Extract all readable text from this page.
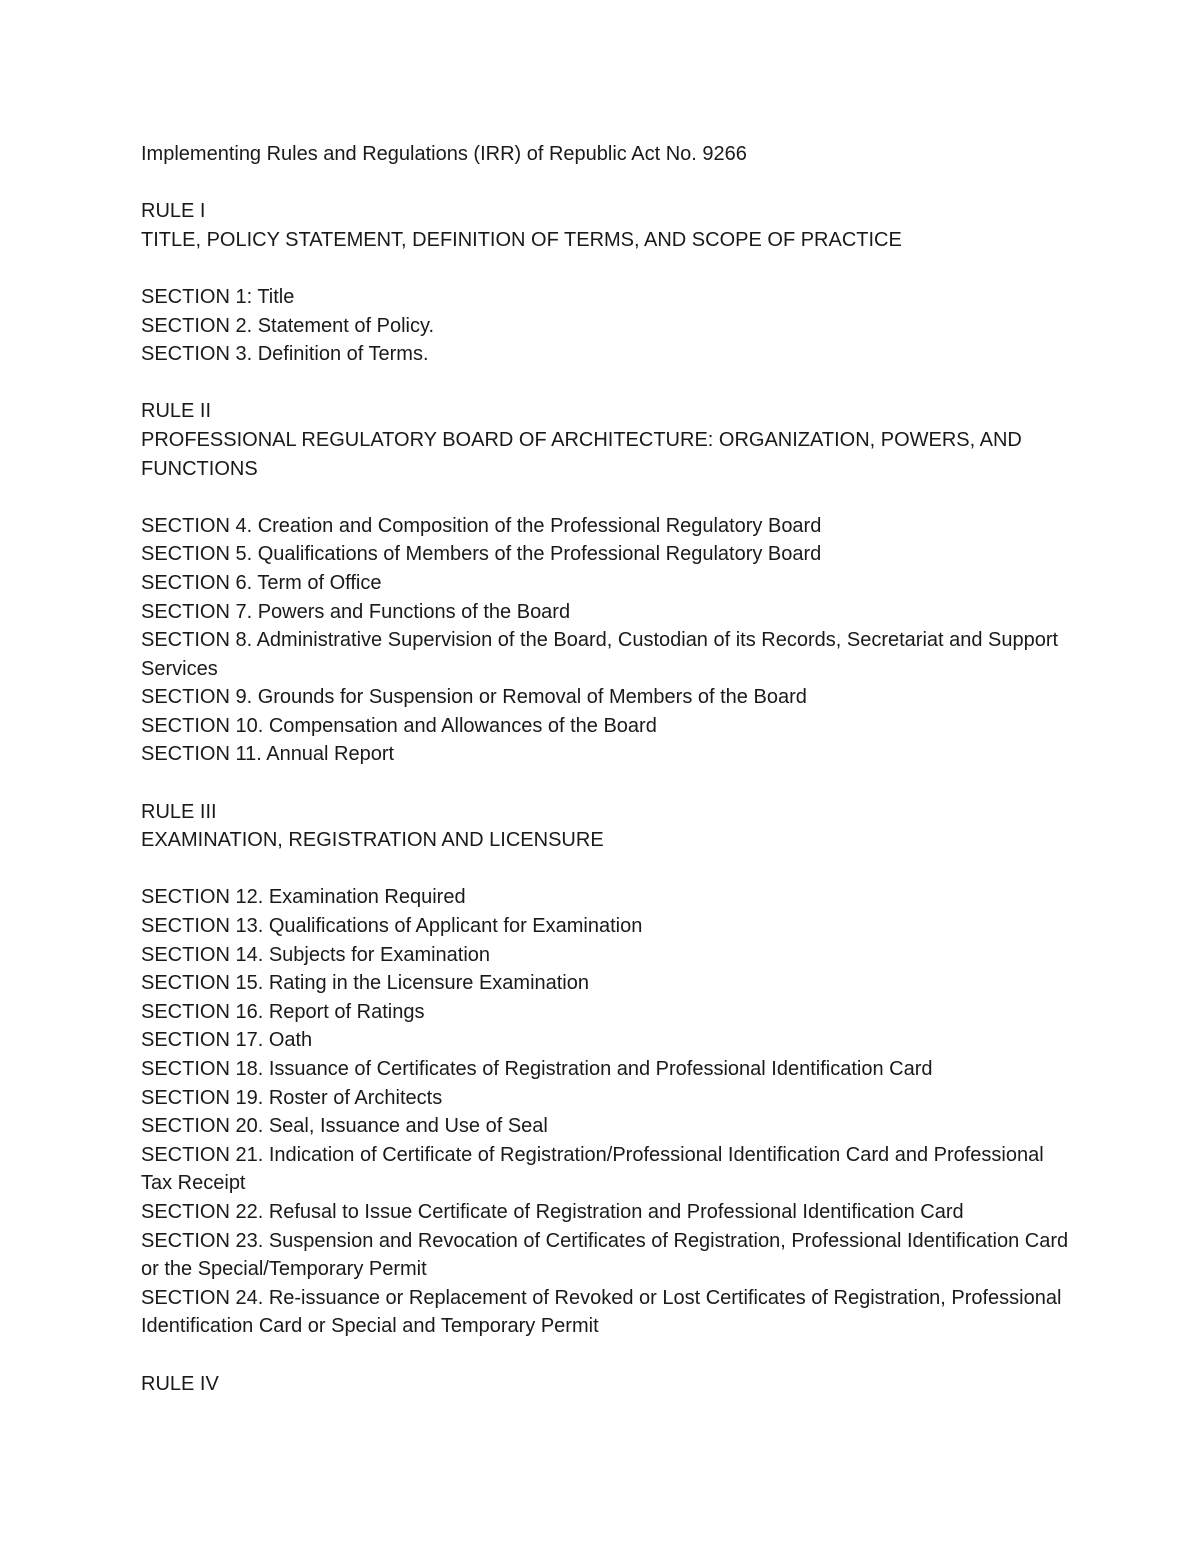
Implementing Rules and Regulations (IRR) of Republic Act No. 9266
RULE I
TITLE, POLICY STATEMENT, DEFINITION OF TERMS, AND SCOPE OF PRACTICE
SECTION 1: Title
SECTION 2. Statement of Policy.
SECTION 3. Definition of Terms.
RULE II
PROFESSIONAL REGULATORY BOARD OF ARCHITECTURE: ORGANIZATION, POWERS, AND FUNCTIONS
SECTION 4. Creation and Composition of the Professional Regulatory Board
SECTION 5. Qualifications of Members of the Professional Regulatory Board
SECTION 6. Term of Office
SECTION 7. Powers and Functions of the Board
SECTION 8. Administrative Supervision of the Board, Custodian of its Records, Secretariat and Support Services
SECTION 9. Grounds for Suspension or Removal of Members of the Board
SECTION 10. Compensation and Allowances of the Board
SECTION 11. Annual Report
RULE III
EXAMINATION, REGISTRATION AND LICENSURE
SECTION 12. Examination Required
SECTION 13. Qualifications of Applicant for Examination
SECTION 14. Subjects for Examination
SECTION 15. Rating in the Licensure Examination
SECTION 16. Report of Ratings
SECTION 17. Oath
SECTION 18. Issuance of Certificates of Registration and Professional Identification Card
SECTION 19. Roster of Architects
SECTION 20. Seal, Issuance and Use of Seal
SECTION 21. Indication of Certificate of Registration/Professional Identification Card and Professional Tax Receipt
SECTION 22. Refusal to Issue Certificate of Registration and Professional Identification Card
SECTION 23. Suspension and Revocation of Certificates of Registration, Professional Identification Card or the Special/Temporary Permit
SECTION 24. Re-issuance or Replacement of Revoked or Lost Certificates of Registration, Professional Identification Card or Special and Temporary Permit
RULE IV
